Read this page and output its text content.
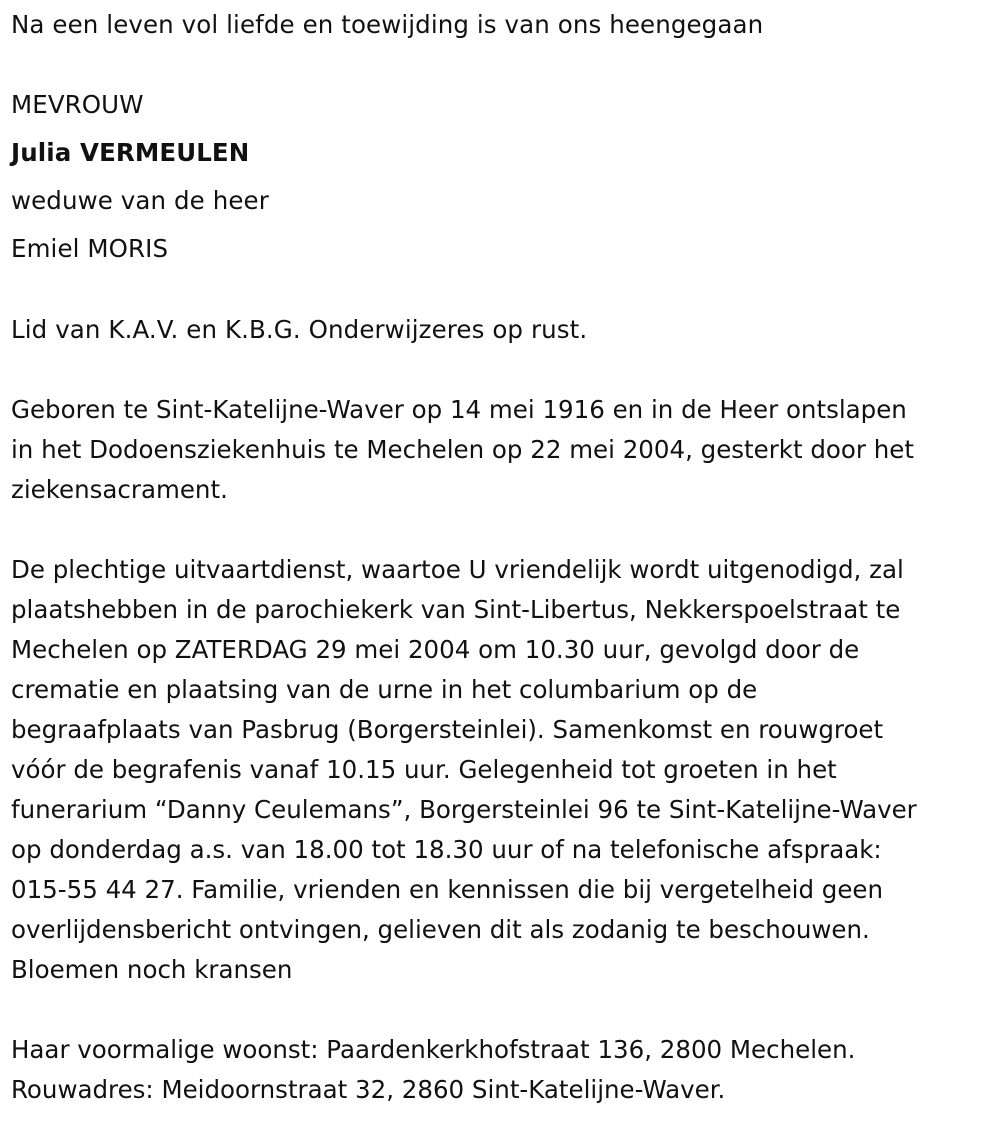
Na een leven vol liefde en toewijding is van ons heengegaan

MEVROUW

Julia VERMEULEN

weduwe van de heer

Emiel MORIS

Lid van K.A.V. en K.B.G. Onderwijzeres op rust.

Geboren te Sint-Katelijne-Waver op 14 mei 1916 en in de Heer ontslapen
in het Dodoensziekenhuis te Mechelen op 22 mei 2004, gesterkt door het
ziekensacrament.
De plechtige uitvaartdienst, waartoe U vriendelijk wordt uitgenodigd, zal
plaatshebben in de parochiekerk van Sint-Libertus, Nekkerspoelstraat te
Mechelen op ZATERDAG 29 mei 2004 om 10.30 uur, gevolgd door de
crematie en plaatsing van de urne in het columbarium op de
begraafplaats van Pasbrug (Borgersteinlei). Samenkomst en rouwgroet
vóór de begrafenis vanaf 10.15 uur. Gelegenheid tot groeten in het
funerarium “Danny Ceulemans”, Borgersteinlei 96 te Sint-Katelijne-Waver
op donderdag a.s. van 18.00 tot 18.30 uur of na telefonische afspraak:
015-55 44 27. Familie, vrienden en kennissen die bij vergetelheid geen
overlijdensbericht ontvingen, gelieven dit als zodanig te beschouwen.
Bloemen noch kransen
Haar voormalige woonst: Paardenkerkhofstraat 136, 2800 Mechelen.
Rouwadres: Meidoornstraat 32, 2860 Sint-Katelijne-Waver.
